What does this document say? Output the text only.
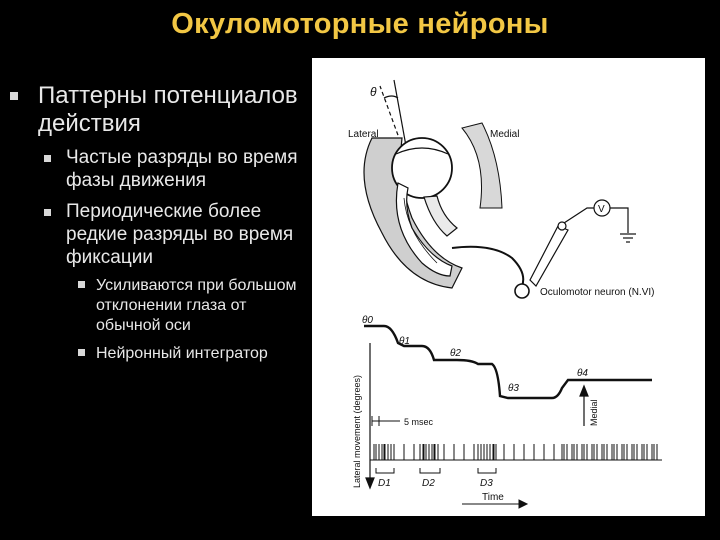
Окуломоторные нейроны
Паттерны потенциалов действия
Частые разряды во время фазы движения
Периодические более редкие разряды во время фиксации
Усиливаются при большом отклонении глаза от обычной оси
Нейронный интегратор
θ
Lateral	Medial
V
Oculomotor neuron (N.VI)
Lateral movement (degrees)
θ0
θ1
θ2
θ3
θ4
Medial
5 msec
D1	D2	D3
Time
